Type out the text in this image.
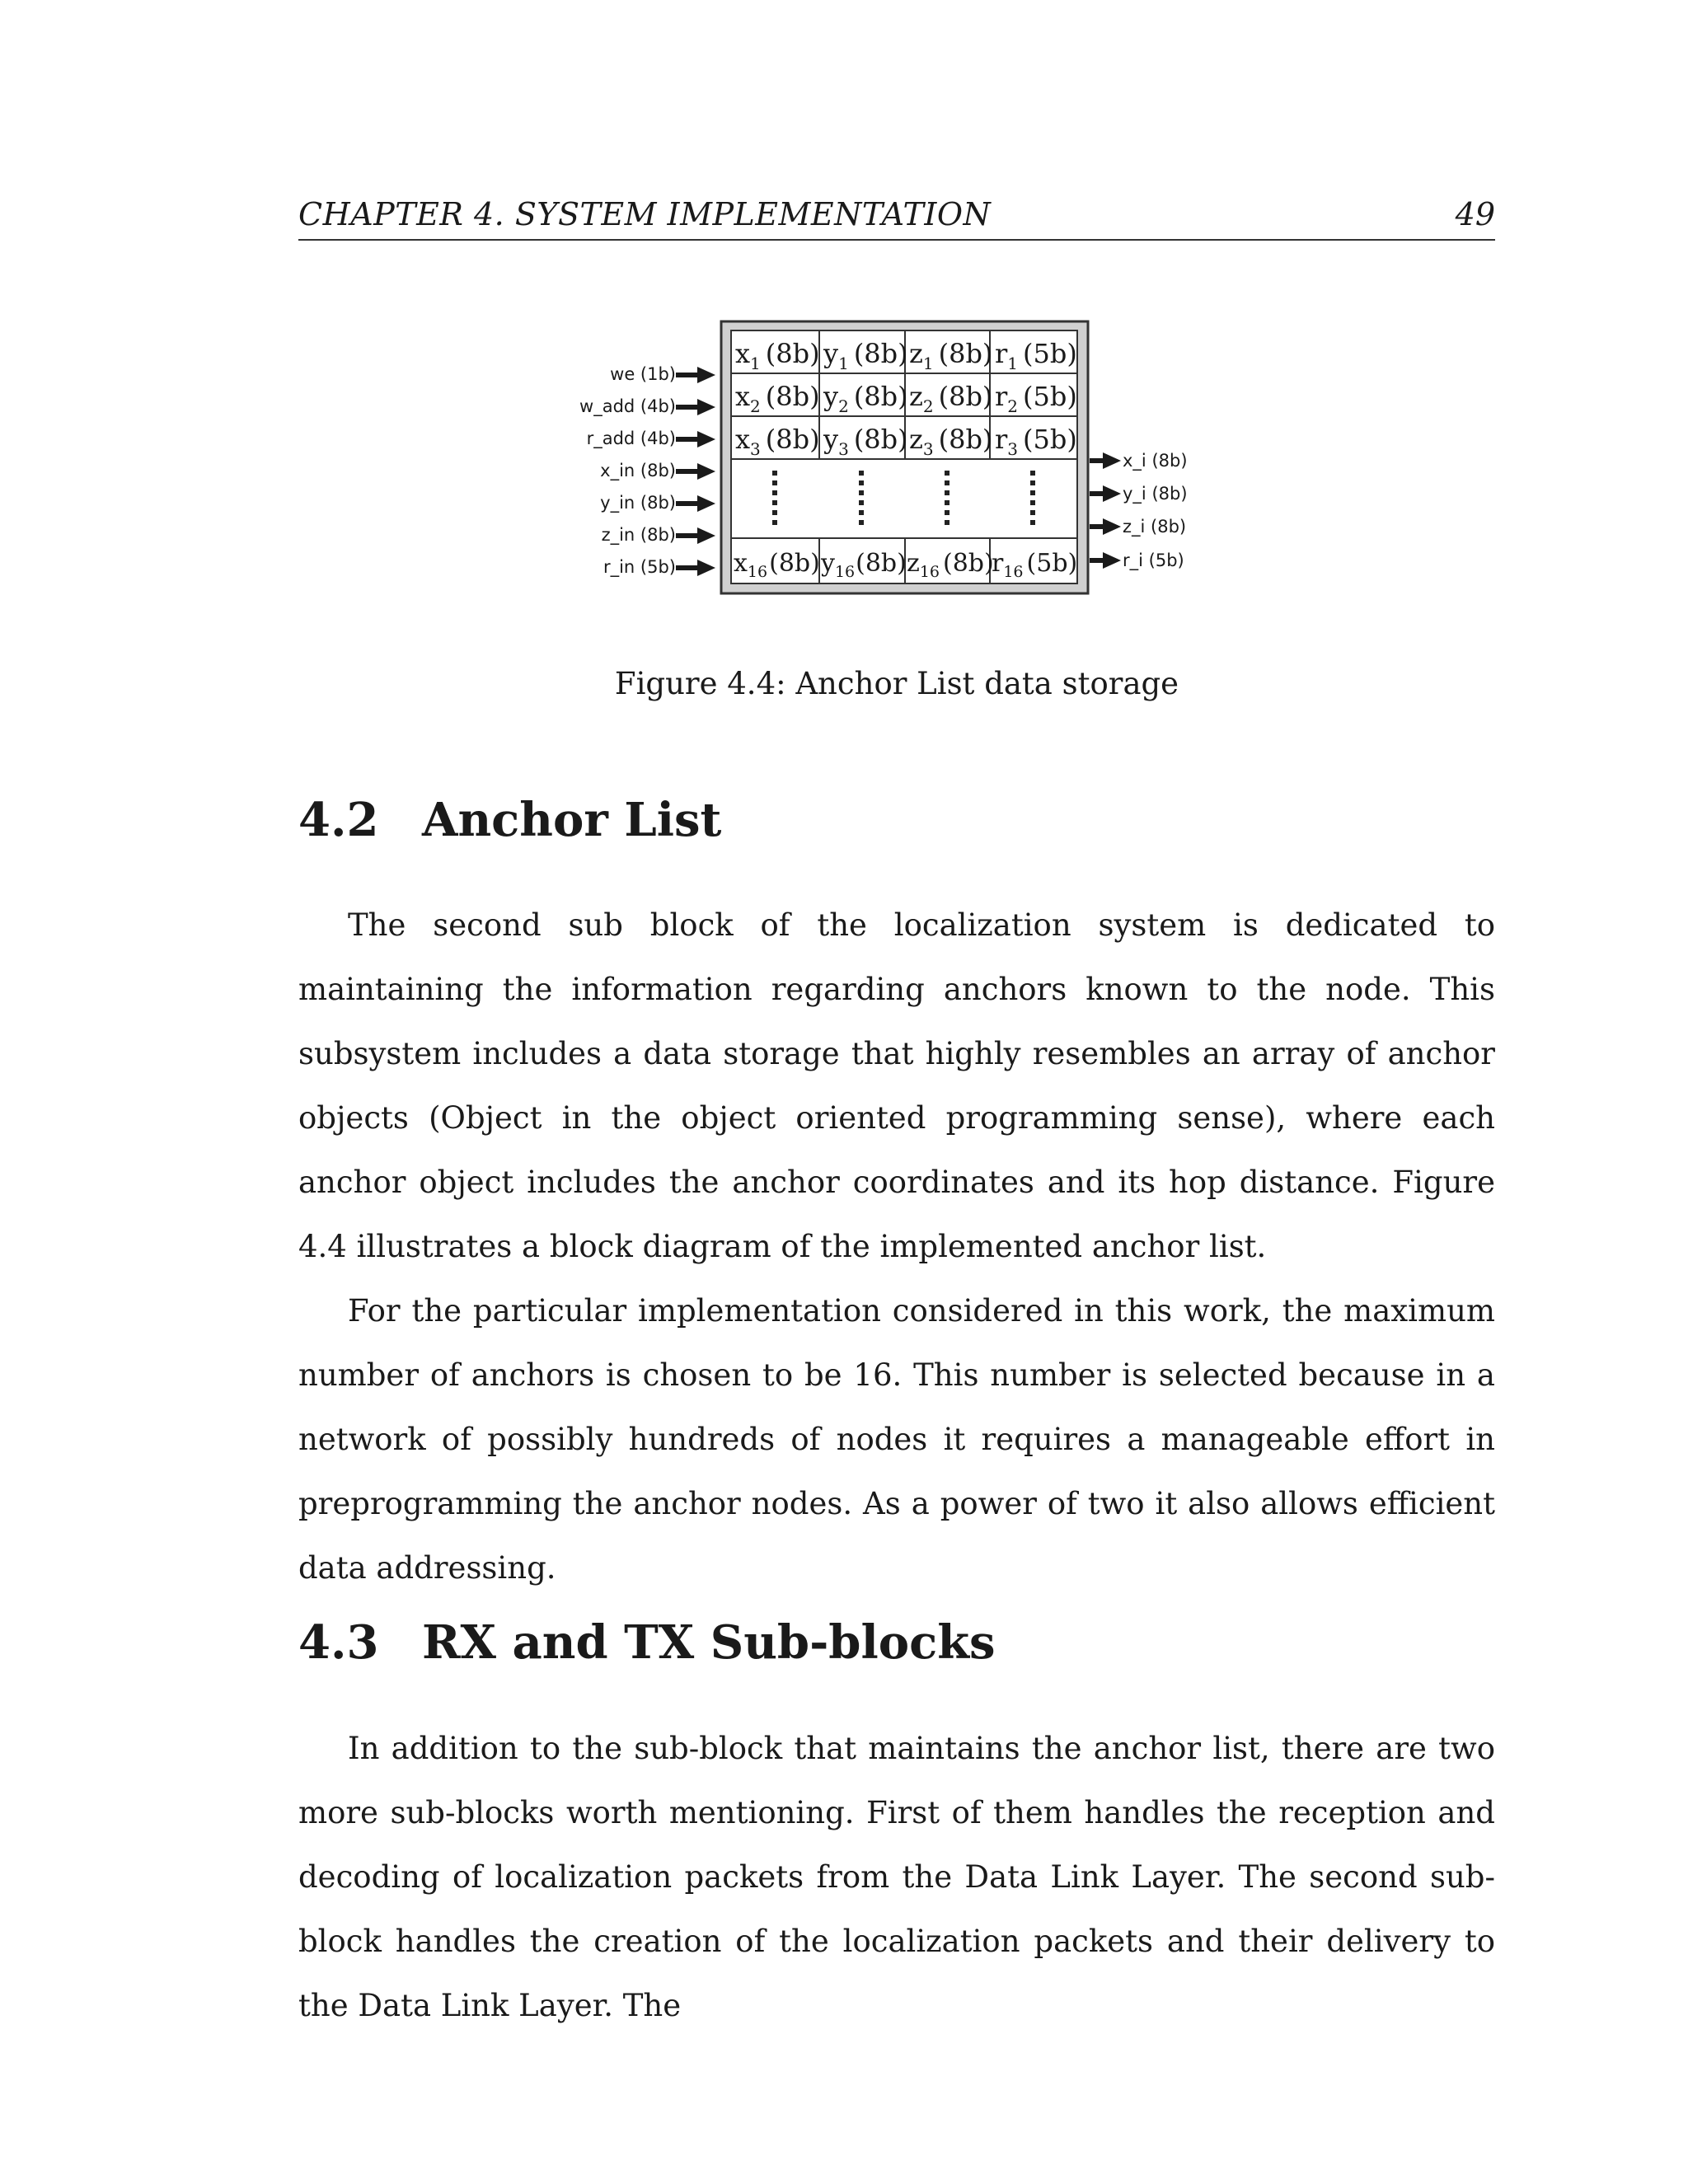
CHAPTER 4. SYSTEM IMPLEMENTATION	49
$x_1$ (8b) $y_1$ (8b) $z_1$ (8b) $r_1$ (5b)
$x_2$ (8b) $y_2$ (8b) $z_2$ (8b) $r_2$ (5b)
$x_3$ (8b) $y_3$ (8b) $z_3$ (8b) $r_3$ (5b)
$x_{16}(8b)$ $y_{16}(8b)$ $z_{16}$ (8b)
$r_{16}$ (5b)
we (1b)
w_add (4b)
r_add (4b)
x_in (8b)
y_in (8b)
z_in (8b)
r_in (5b)
x_i (8b)
y_i (8b)
z_i (8b)
r_i (5b)
Figure 4.4: Anchor List data storage
4.2 Anchor List

The second sub block of the localization system is dedicated to maintaining the information regarding anchors known to the node. This subsystem includes a data storage that highly resembles an array of anchor objects (Object in the object oriented programming sense), where each anchor object includes the anchor coordinates and its hop distance. Figure 4.4 illustrates a block diagram of the implemented anchor list.

For the particular implementation considered in this work, the maximum number of anchors is chosen to be 16. This number is selected because in a network of possibly hundreds of nodes it requires a manageable effort in preprogramming the anchor nodes. As a power of two it also allows efficient data addressing.

4.3 RX and TX Sub-blocks

In addition to the sub-block that maintains the anchor list, there are two more sub-blocks worth mentioning. First of them handles the reception and decoding of localization packets from the Data Link Layer. The second sub-block handles the creation of the localization packets and their delivery to the Data Link Layer. The
